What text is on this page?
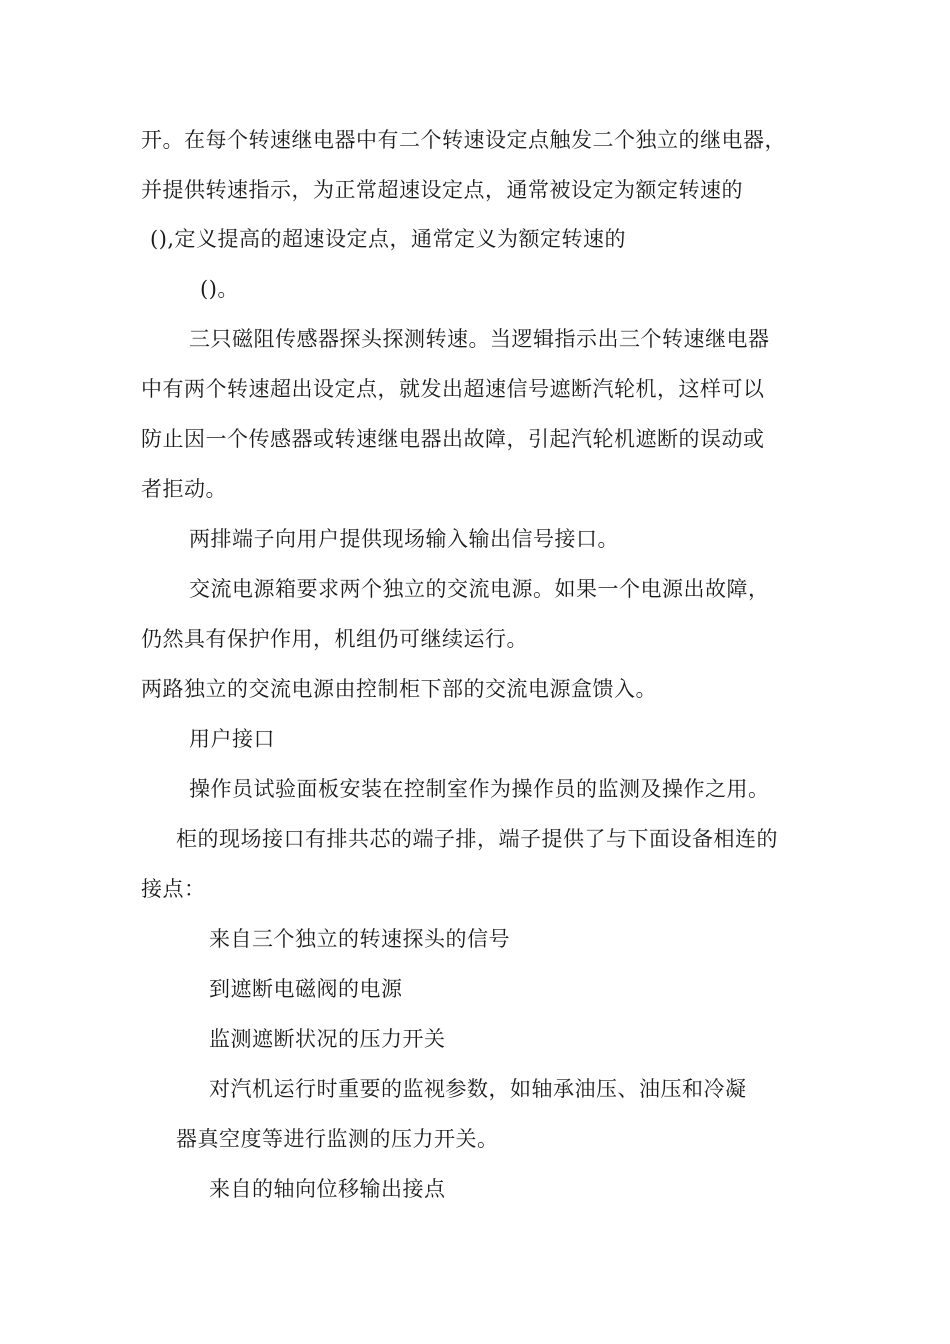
开。在每个转速继电器中有二个转速设定点触发二个独立的继电器，

并提供转速指示，为正常超速设定点，通常被设定为额定转速的

(),定义提高的超速设定点，通常定义为额定转速的

()。

三只磁阻传感器探头探测转速。当逻辑指示出三个转速继电器

中有两个转速超出设定点，就发出超速信号遮断汽轮机，这样可以

防止因一个传感器或转速继电器出故障，引起汽轮机遮断的误动或

者拒动。

两排端子向用户提供现场输入输出信号接口。

交流电源箱要求两个独立的交流电源。如果一个电源出故障，

仍然具有保护作用，机组仍可继续运行。

两路独立的交流电源由控制柜下部的交流电源盒馈入。

用户接口

操作员试验面板安装在控制室作为操作员的监测及操作之用。

柜的现场接口有排共芯的端子排，端子提供了与下面设备相连的

接点：

来自三个独立的转速探头的信号

到遮断电磁阀的电源

监测遮断状况的压力开关

对汽机运行时重要的监视参数，如轴承油压、油压和冷凝

器真空度等进行监测的压力开关。

来自的轴向位移输出接点
